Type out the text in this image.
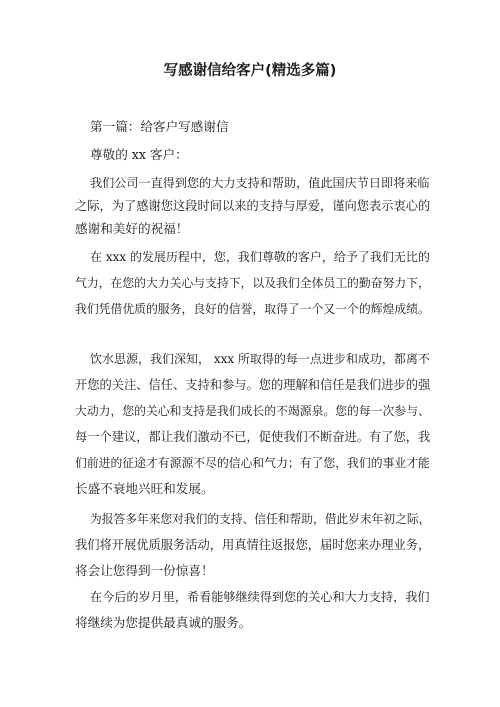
写感谢信给客户(精选多篇)
第一篇：给客户写感谢信
尊敬的 xx 客户：
我们公司一直得到您的大力支持和帮助，值此国庆节日即将来临
之际，为了感谢您这段时间以来的支持与厚爱，谨向您表示衷心的
感谢和美好的祝福！
在 xxx 的发展历程中，您，我们尊敬的客户，给予了我们无比的
气力，在您的大力关心与支持下，以及我们全体员工的勤奋努力下，
我们凭借优质的服务，良好的信誉，取得了一个又一个的辉煌成绩。
饮水思源，我们深知， xxx 所取得的每一点进步和成功，都离不
开您的关注、信任、支持和参与。您的理解和信任是我们进步的强
大动力，您的关心和支持是我们成长的不竭源泉。您的每一次参与、
每一个建议，都让我们激动不已，促使我们不断奋进。有了您，我
们前进的征途才有源源不尽的信心和气力；有了您，我们的事业才能
长盛不衰地兴旺和发展。
为报答多年来您对我们的支持、信任和帮助，借此岁末年初之际，
我们将开展优质服务活动，用真情往返报您，届时您来办理业务，
将会让您得到一份惊喜！
在今后的岁月里，希看能够继续得到您的关心和大力支持，我们
将继续为您提供最真诚的服务。
